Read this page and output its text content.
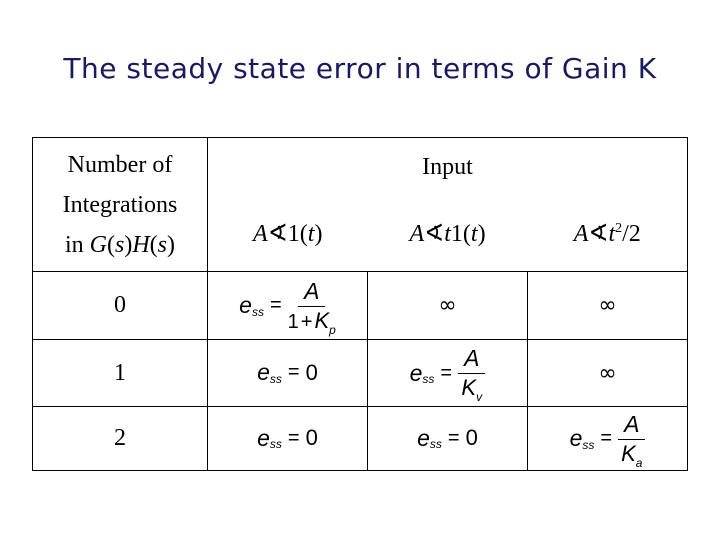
The steady state error in terms of Gain K
Number of
Integrations
in G(s)H(s)	Input		
	A∢1(t)	A∢t1(t)	$A∢t^2/2$
0	e ss = $\frac{A}{1 +K_p}$	∞	∞
1	e ss = 0	e ss = $\frac{A}{K_v}$	∞
2	e ss = 0	e ss = 0	e ss = $\frac{A}{K_a}$
